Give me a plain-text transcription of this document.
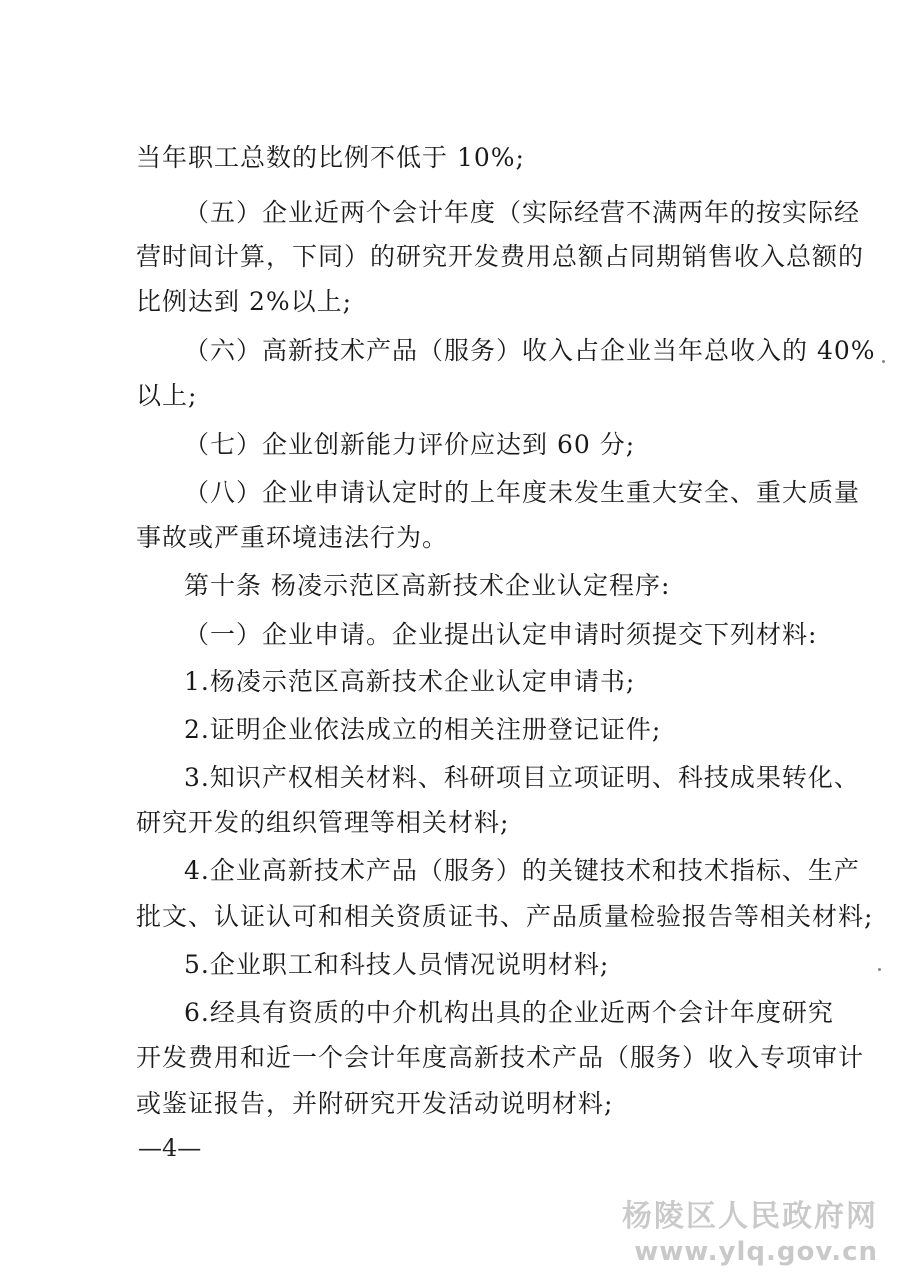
当年职工总数的比例不低于 10%;
（五）企业近两个会计年度（实际经营不满两年的按实际经
营时间计算，下同）的研究开发费用总额占同期销售收入总额的
比例达到 2%以上;
（六）高新技术产品（服务）收入占企业当年总收入的 40%
以上;
（七）企业创新能力评价应达到 60 分;
（八）企业申请认定时的上年度未发生重大安全、重大质量
事故或严重环境违法行为。
第十条 杨凌示范区高新技术企业认定程序:
（一）企业申请。企业提出认定申请时须提交下列材料:
1.杨凌示范区高新技术企业认定申请书;
2.证明企业依法成立的相关注册登记证件;
3.知识产权相关材料、科研项目立项证明、科技成果转化、
研究开发的组织管理等相关材料;
4.企业高新技术产品（服务）的关键技术和技术指标、生产
批文、认证认可和相关资质证书、产品质量检验报告等相关材料;
5.企业职工和科技人员情况说明材料;
6.经具有资质的中介机构出具的企业近两个会计年度研究
开发费用和近一个会计年度高新技术产品（服务）收入专项审计
或鉴证报告，并附研究开发活动说明材料;
—4—
杨陵区人民政府网
www.ylq.gov.cn
